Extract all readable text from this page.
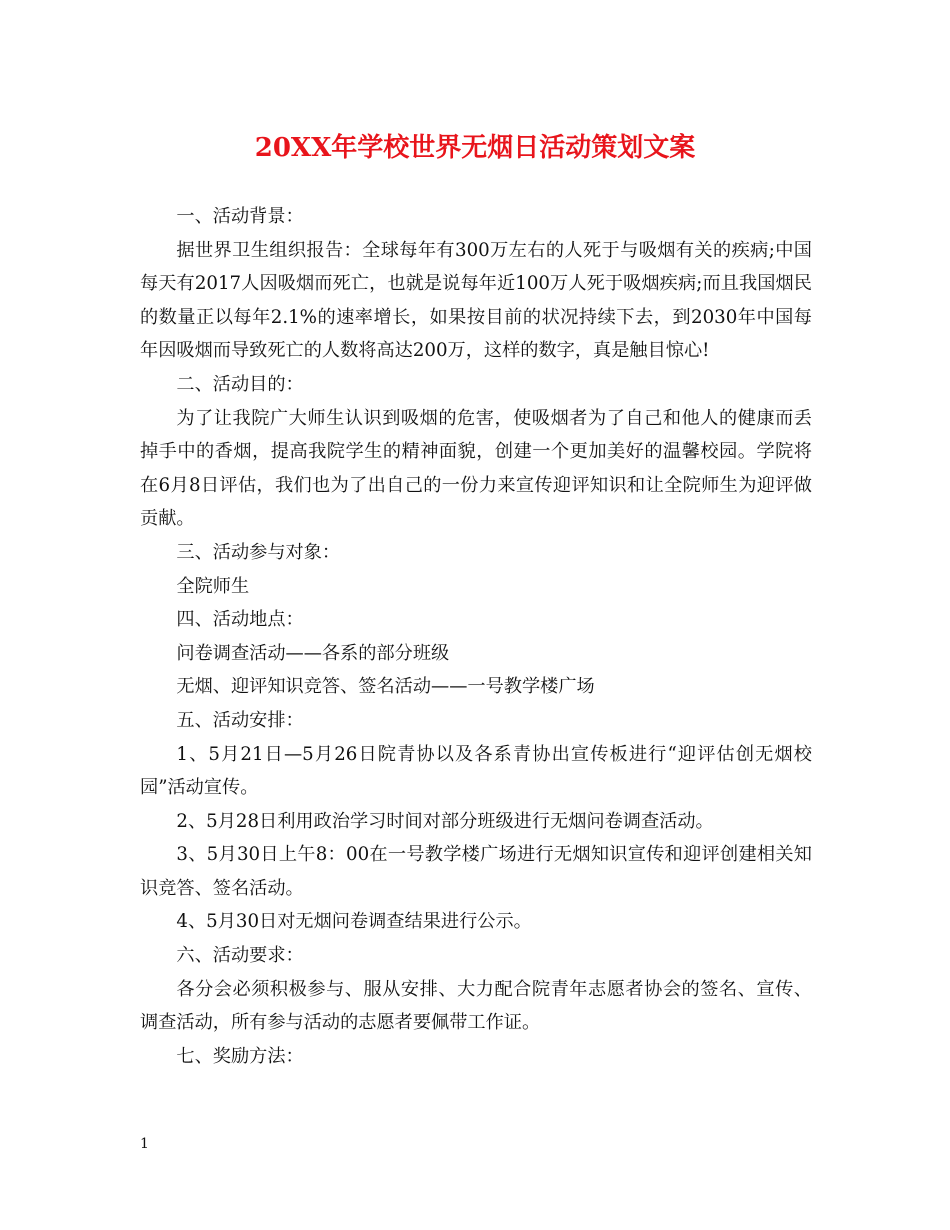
20XX年学校世界无烟日活动策划文案

一、活动背景：

据世界卫生组织报告：全球每年有300万左右的人死于与吸烟有关的疾病;中国每天有2017人因吸烟而死亡，也就是说每年近100万人死于吸烟疾病;而且我国烟民的数量正以每年2.1%的速率增长，如果按目前的状况持续下去，到2030年中国每年因吸烟而导致死亡的人数将高达200万，这样的数字，真是触目惊心!

二、活动目的：

为了让我院广大师生认识到吸烟的危害，使吸烟者为了自己和他人的健康而丢掉手中的香烟，提高我院学生的精神面貌，创建一个更加美好的温馨校园。学院将在6月8日评估，我们也为了出自己的一份力来宣传迎评知识和让全院师生为迎评做贡献。

三、活动参与对象：

全院师生

四、活动地点：

问卷调查活动——各系的部分班级

无烟、迎评知识竞答、签名活动——一号教学楼广场

五、活动安排：

1、5月21日—5月26日院青协以及各系青协出宣传板进行“迎评估创无烟校园”活动宣传。

2、5月28日利用政治学习时间对部分班级进行无烟问卷调查活动。

3、5月30日上午8：00在一号教学楼广场进行无烟知识宣传和迎评创建相关知识竞答、签名活动。

4、5月30日对无烟问卷调查结果进行公示。

六、活动要求：

各分会必须积极参与、服从安排、大力配合院青年志愿者协会的签名、宣传、调查活动，所有参与活动的志愿者要佩带工作证。

七、奖励方法：

1
